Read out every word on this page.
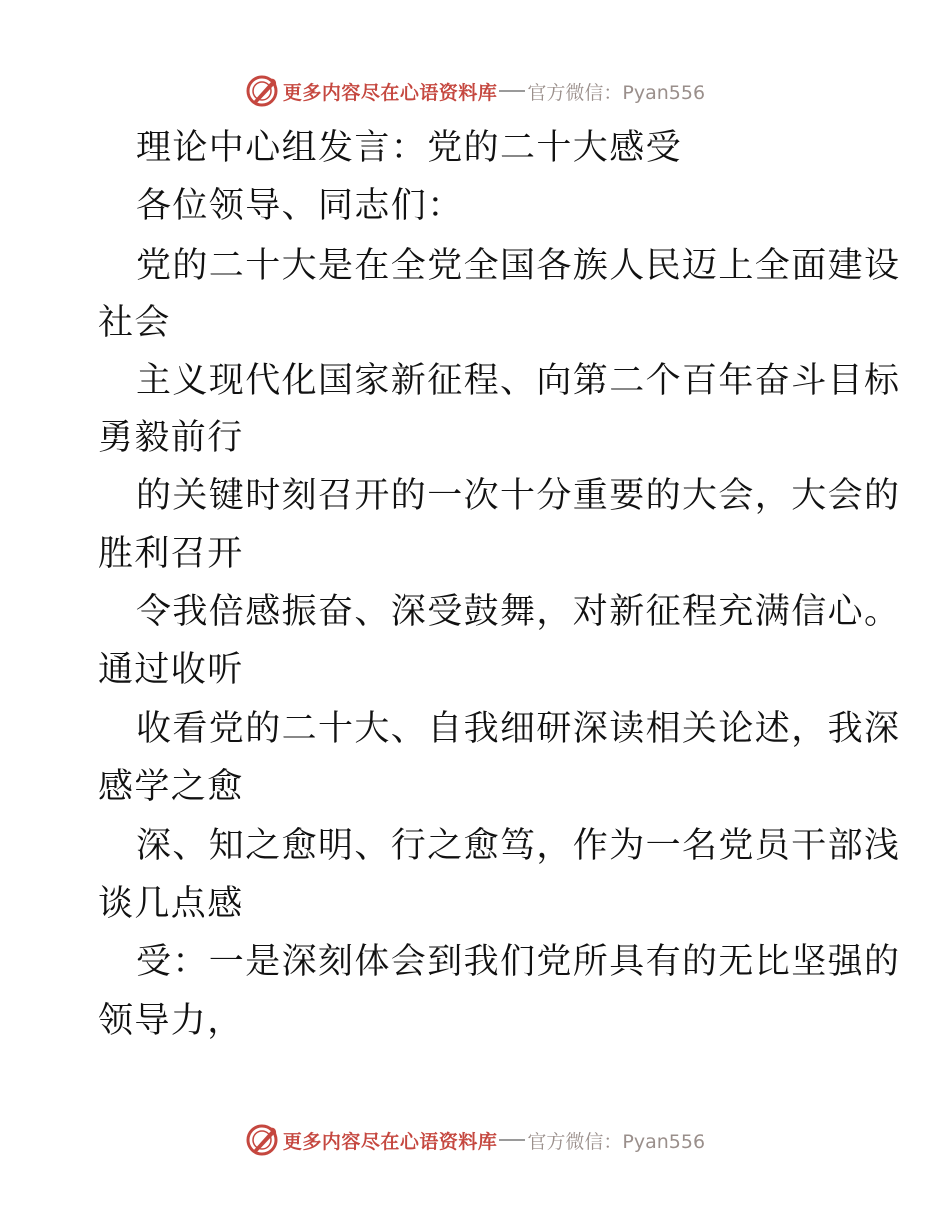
更多内容尽在心语资料库 官方微信：Pyan556
理论中心组发言：党的二十大感受
各位领导、同志们：
党的二十大是在全党全国各族人民迈上全面建设
社会
主义现代化国家新征程、向第二个百年奋斗目标
勇毅前行
的关键时刻召开的一次十分重要的大会，大会的
胜利召开
令我倍感振奋、深受鼓舞，对新征程充满信心。
通过收听
收看党的二十大、自我细研深读相关论述，我深
感学之愈
深、知之愈明、行之愈笃，作为一名党员干部浅
谈几点感
受：一是深刻体会到我们党所具有的无比坚强的
领导力，
更多内容尽在心语资料库 官方微信：Pyan556
